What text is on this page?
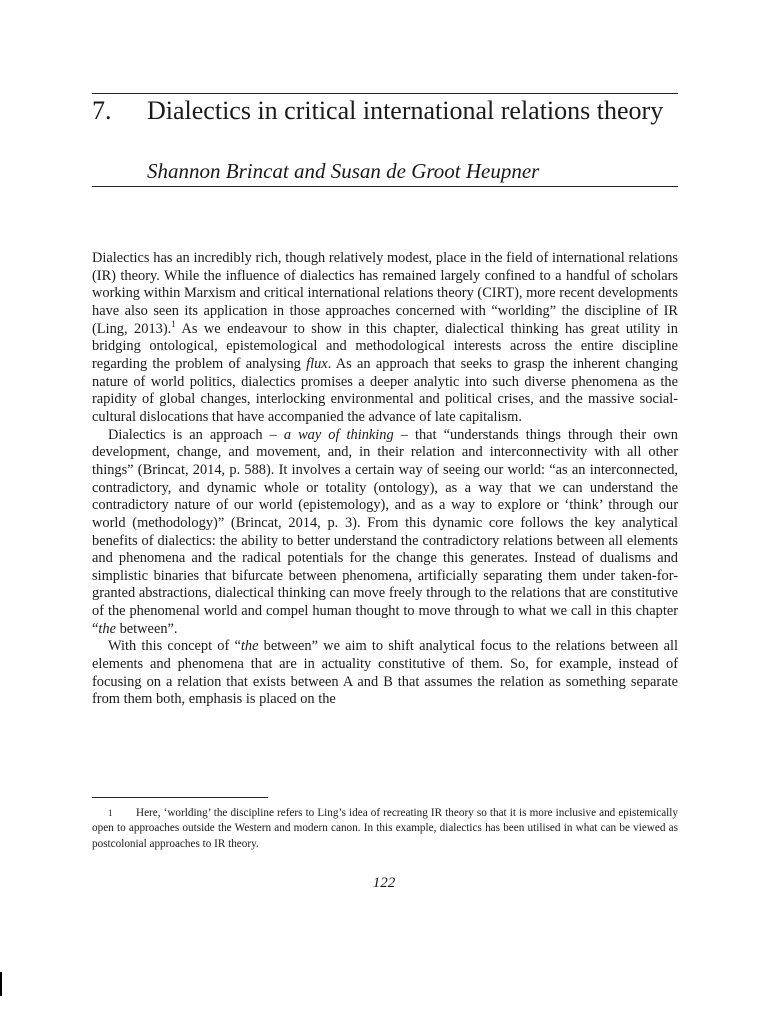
7. Dialectics in critical international relations theory
Shannon Brincat and Susan de Groot Heupner

Dialectics has an incredibly rich, though relatively modest, place in the field of international relations (IR) theory. While the influence of dialectics has remained largely confined to a handful of scholars working within Marxism and critical international relations theory (CIRT), more recent developments have also seen its application in those approaches concerned with “worlding” the discipline of IR (Ling, 2013).$^1$ As we endeavour to show in this chapter, dialectical thinking has great utility in bridging ontological, epistemological and methodological interests across the entire discipline regarding the problem of analysing flux. As an approach that seeks to grasp the inherent changing nature of world politics, dialectics promises a deeper analytic into such diverse phenomena as the rapidity of global changes, interlocking environmental and political crises, and the massive social-cultural dislocations that have accompanied the advance of late capitalism.

Dialectics is an approach – a way of thinking – that “understands things through their own development, change, and movement, and, in their relation and interconnectivity with all other things” (Brincat, 2014, p. 588). It involves a certain way of seeing our world: “as an interconnected, contradictory, and dynamic whole or totality (ontology), as a way that we can understand the contradictory nature of our world (epistemology), and as a way to explore or ‘think’ through our world (methodology)” (Brincat, 2014, p. 3). From this dynamic core follows the key analytical benefits of dialectics: the ability to better understand the contradictory relations between all elements and phenomena and the radical potentials for the change this generates. Instead of dualisms and simplistic binaries that bifurcate between phenomena, artificially separating them under taken-for-granted abstractions, dialectical thinking can move freely through to the relations that are constitutive of the phenomenal world and compel human thought to move through to what we call in this chapter “the between”.

With this concept of “the between” we aim to shift analytical focus to the relations between all elements and phenomena that are in actuality constitutive of them. So, for example, instead of focusing on a relation that exists between A and B that assumes the relation as something separate from them both, emphasis is placed on the

1 Here, ‘worlding’ the discipline refers to Ling’s idea of recreating IR theory so that it is more inclusive and epistemically open to approaches outside the Western and modern canon. In this example, dialectics has been utilised in what can be viewed as postcolonial approaches to IR theory.
122
